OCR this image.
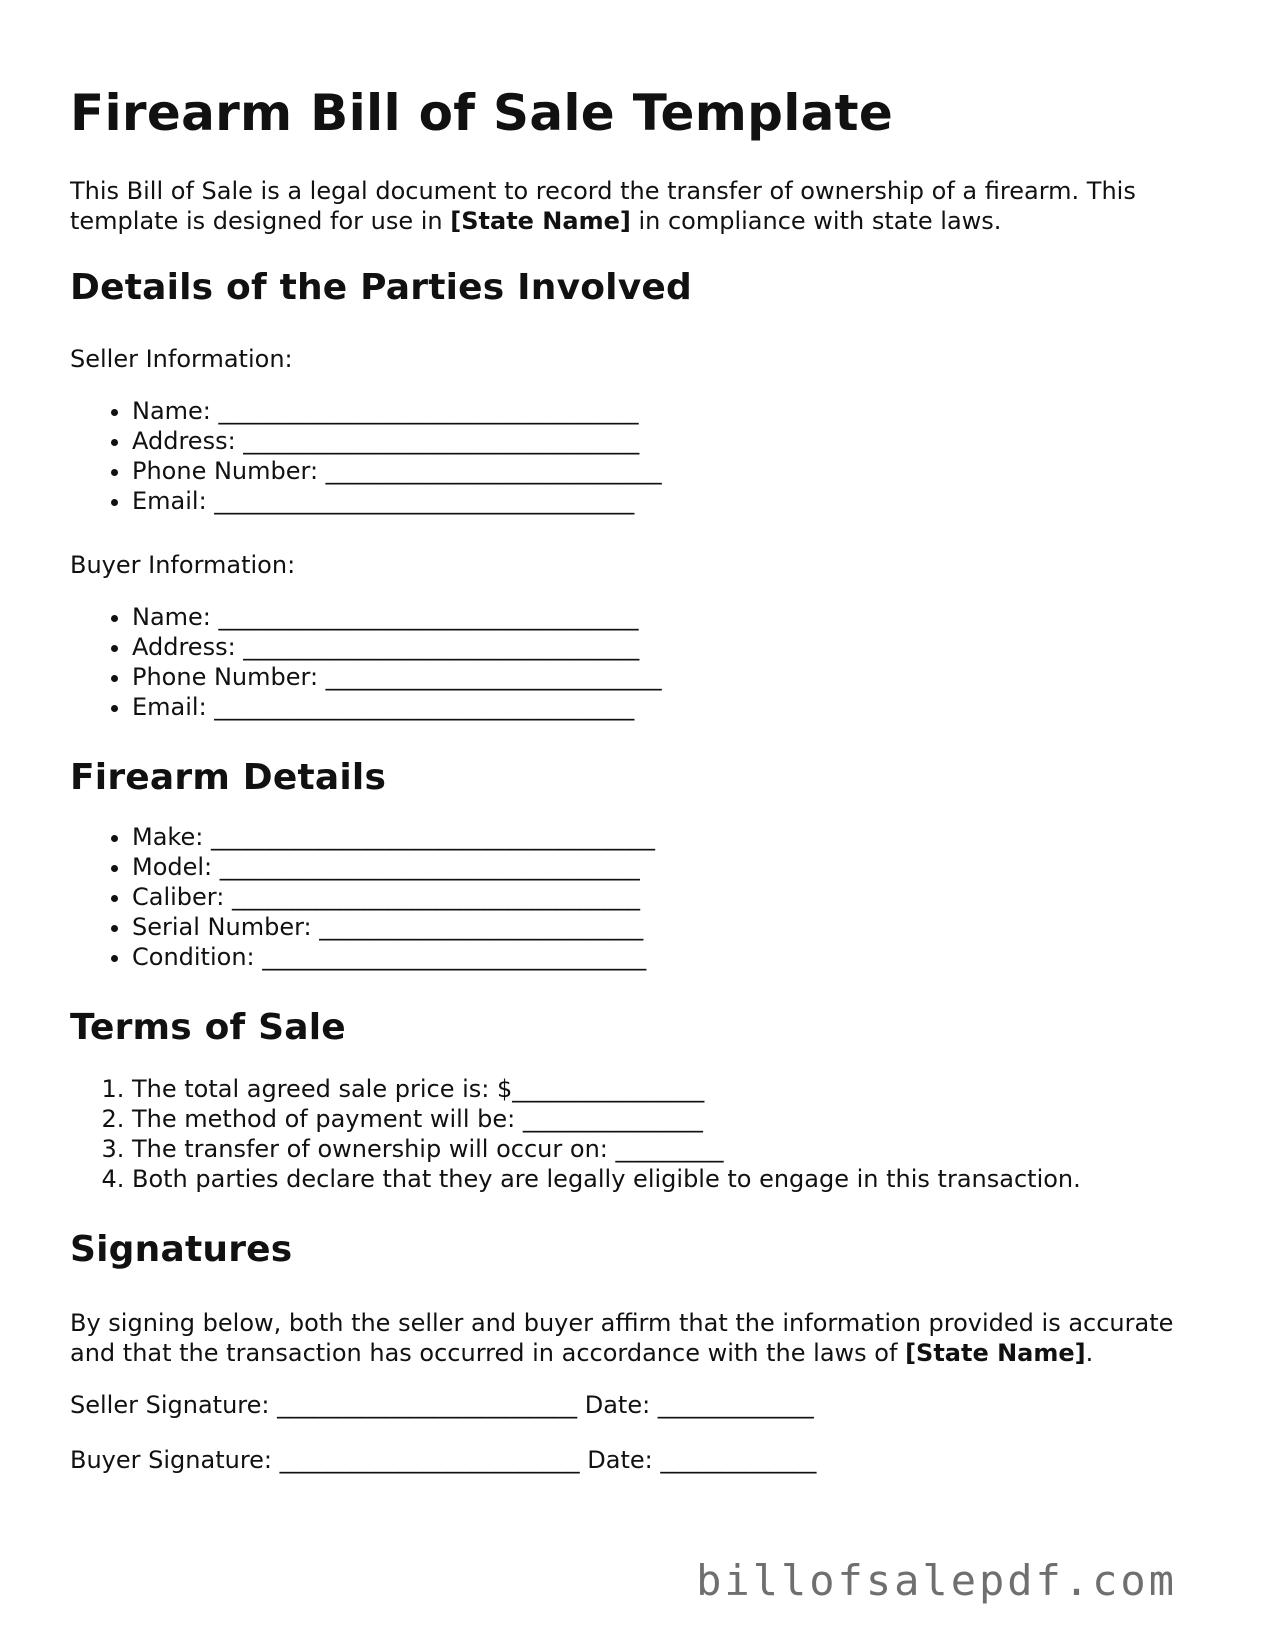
Firearm Bill of Sale Template

This Bill of Sale is a legal document to record the transfer of ownership of a firearm. This template is designed for use in [State Name] in compliance with state laws.

Details of the Parties Involved

Seller Information:

• Name: ___________________________________
• Address: _________________________________
• Phone Number: ____________________________
• Email: ___________________________________

Buyer Information:

• Name: ___________________________________
• Address: _________________________________
• Phone Number: ____________________________
• Email: ___________________________________
Firearm Details
• Make: _____________________________________
• Model: ___________________________________
• Caliber: __________________________________
• Serial Number: ___________________________
• Condition: ________________________________
Terms of Sale
1. The total agreed sale price is: $________________
2. The method of payment will be: _______________
3. The transfer of ownership will occur on: _________
4. Both parties declare that they are legally eligible to engage in this transaction.
Signatures

By signing below, both the seller and buyer affirm that the information provided is accurate and that the transaction has occurred in accordance with the laws of [State Name].

Seller Signature: _________________________ Date: _____________

Buyer Signature: _________________________ Date: _____________

billofsalepdf.com
